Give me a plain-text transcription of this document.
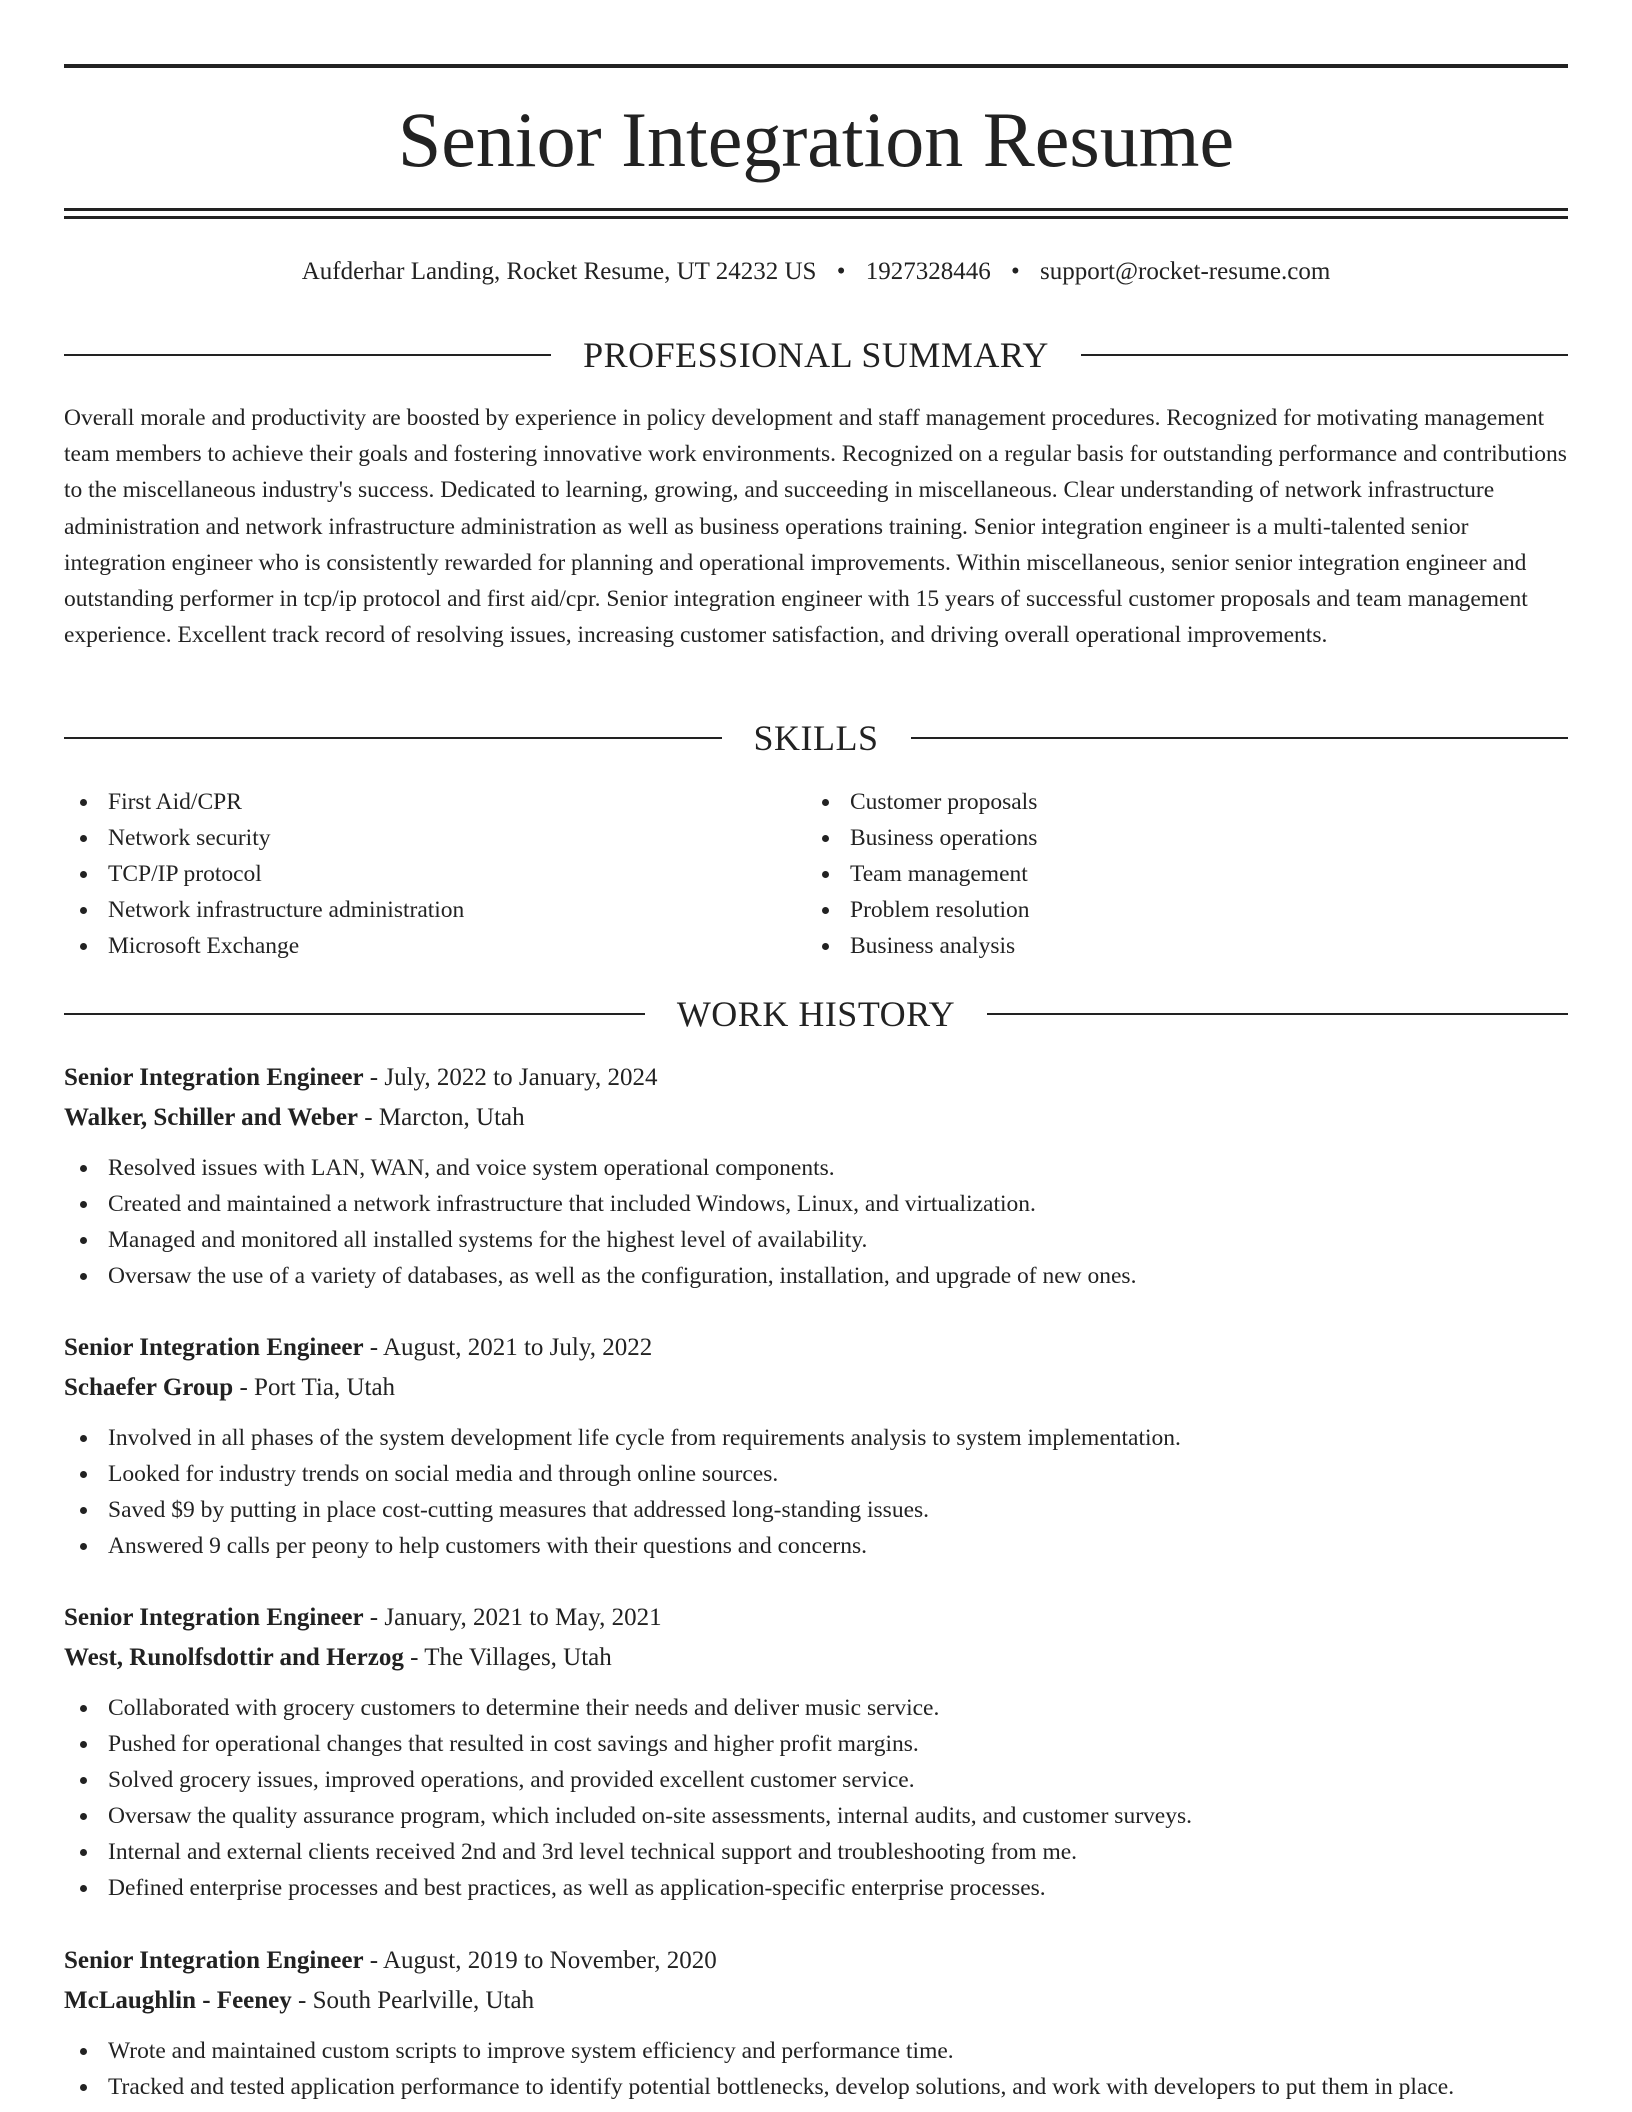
Senior Integration Resume
Aufderhar Landing, Rocket Resume, UT 24232 US • 1927328446 • support@rocket-resume.com
PROFESSIONAL SUMMARY

Overall morale and productivity are boosted by experience in policy development and staff management procedures. Recognized for motivating management team members to achieve their goals and fostering innovative work environments. Recognized on a regular basis for outstanding performance and contributions to the miscellaneous industry's success. Dedicated to learning, growing, and succeeding in miscellaneous. Clear understanding of network infrastructure administration and network infrastructure administration as well as business operations training. Senior integration engineer is a multi-talented senior integration engineer who is consistently rewarded for planning and operational improvements. Within miscellaneous, senior senior integration engineer and outstanding performer in tcp/ip protocol and first aid/cpr. Senior integration engineer with 15 years of successful customer proposals and team management experience. Excellent track record of resolving issues, increasing customer satisfaction, and driving overall operational improvements.

SKILLS
First Aid/CPR
Network security
TCP/IP protocol
Network infrastructure administration
Microsoft Exchange
Customer proposals
Business operations
Team management
Problem resolution
Business analysis
WORK HISTORY
Senior Integration Engineer - July, 2022 to January, 2024
Walker, Schiller and Weber - Marcton, Utah
Resolved issues with LAN, WAN, and voice system operational components.
Created and maintained a network infrastructure that included Windows, Linux, and virtualization.
Managed and monitored all installed systems for the highest level of availability.
Oversaw the use of a variety of databases, as well as the configuration, installation, and upgrade of new ones.
Senior Integration Engineer - August, 2021 to July, 2022
Schaefer Group - Port Tia, Utah
Involved in all phases of the system development life cycle from requirements analysis to system implementation.
Looked for industry trends on social media and through online sources.
Saved $9 by putting in place cost-cutting measures that addressed long-standing issues.
Answered 9 calls per peony to help customers with their questions and concerns.
Senior Integration Engineer - January, 2021 to May, 2021
West, Runolfsdottir and Herzog - The Villages, Utah
Collaborated with grocery customers to determine their needs and deliver music service.
Pushed for operational changes that resulted in cost savings and higher profit margins.
Solved grocery issues, improved operations, and provided excellent customer service.
Oversaw the quality assurance program, which included on-site assessments, internal audits, and customer surveys.
Internal and external clients received 2nd and 3rd level technical support and troubleshooting from me.
Defined enterprise processes and best practices, as well as application-specific enterprise processes.
Senior Integration Engineer - August, 2019 to November, 2020
McLaughlin - Feeney - South Pearlville, Utah
Wrote and maintained custom scripts to improve system efficiency and performance time.
Tracked and tested application performance to identify potential bottlenecks, develop solutions, and work with developers to put them in place.
